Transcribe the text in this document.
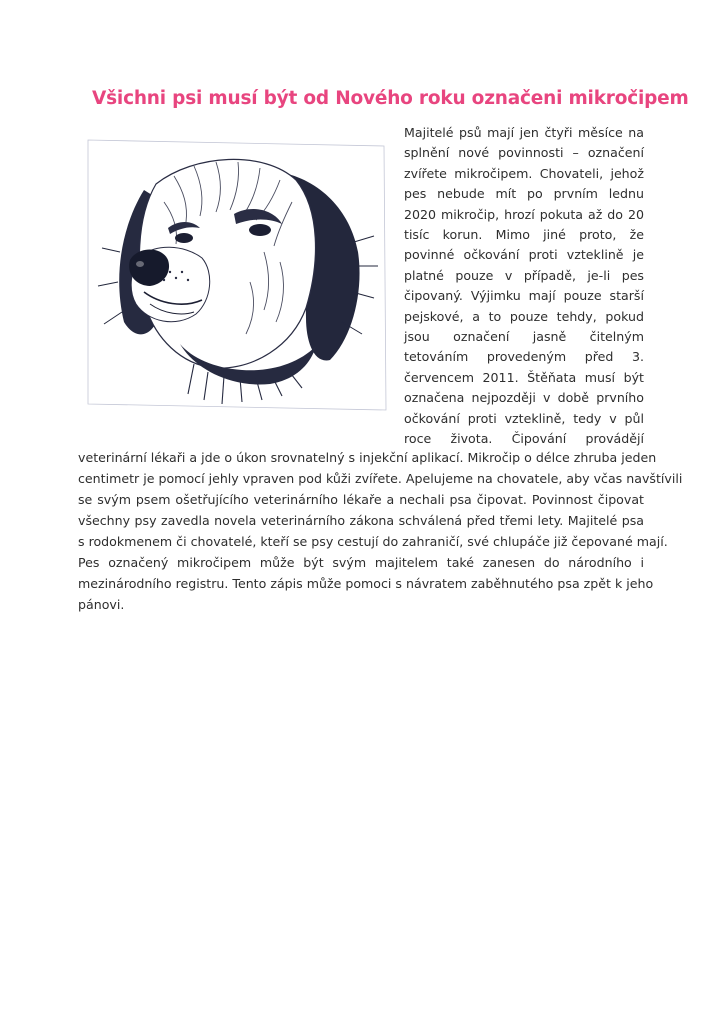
Všichni psi musí být od Nového roku označeni mikročipem
Majitelé psů mají jen čtyři měsíce na
splnění nové povinnosti – označení
zvířete mikročipem. Chovateli, jehož
pes nebude mít po prvním lednu
2020 mikročip, hrozí pokuta až do 20
tisíc korun. Mimo jiné proto, že
povinné očkování proti vzteklině je
platné pouze v případě, je-li pes
čipovaný. Výjimku mají pouze starší
pejskové, a to pouze tehdy, pokud
jsou označení jasně čitelným
tetováním provedeným před 3.
červencem 2011. Štěňata musí být
označena nejpozději v době prvního
očkování proti vzteklině, tedy v půl
roce života. Čipování provádějí
veterinární lékaři a jde o úkon srovnatelný s injekční aplikací. Mikročip o délce zhruba jeden
centimetr je pomocí jehly vpraven pod kůži zvířete. Apelujeme na chovatele, aby včas navštívili
se svým psem ošetřujícího veterinárního lékaře a nechali psa čipovat. Povinnost čipovat
všechny psy zavedla novela veterinárního zákona schválená před třemi lety. Majitelé psa
s rodokmenem či chovatelé, kteří se psy cestují do zahraničí, své chlupáče již čepované mají.
Pes označený mikročipem může být svým majitelem také zanesen do národního i
mezinárodního registru. Tento zápis může pomoci s návratem zaběhnutého psa zpět k jeho
pánovi.
